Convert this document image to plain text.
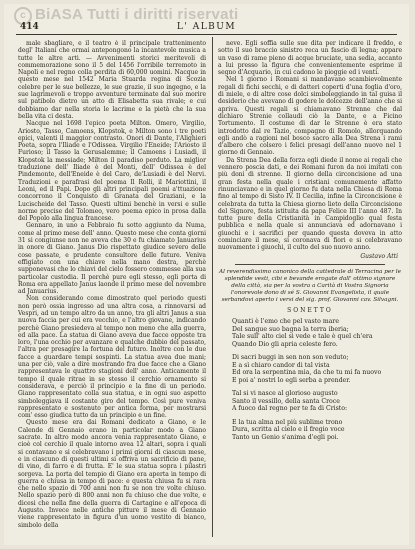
c BiASA Tutti i diritti riservati
414	L' ALBUM

male sbagliare, e il teatro è il principale trattenimento degl' Italiani che ormai antepongono la incantevole musica a tutte le altre arti. — Avvenimenti storici meritevoli di commemorazione sono il 5 del 1456 l'orribile terremoto in Napoli e nel regno colla perdita di 60,000 uomini. Nacque in questo mese nel 1542 Maria Stuarda regina di Scozia celebre per le sue bellezze, le sue grazie, il suo ingegno, e la sue lagrimevoli e troppo avventure terminate dal suo morire sul patibolo dietro un atto di Elisabetta sua rivale; e cui dobbiamo dar nella storia le lacrime e la pietà che la sua bella vita ci desta.

Nacque nel 1698 l'epico poeta Milton. Omero, Virgilio, Ariosto, Tasso, Camoens, Klopstok, e Milton sono i tre poeti epici, valenti il maggior contrasto. Onori di Dante, l'Alighieri Poeta, sopra l'Iliade e l'Odissea. Virgilio l'Eneide; l'Ariosto il Furioso; il Tasso la Gerusalemme; il Camoens i Lusiadi, il Klopstok la messiade; Milton il paradiso perduto. La miglior traduzione dell' Iliade è del Monti, dell' Odissea è del Pindemonte, dell'Eneide è del Caro, de'Lusiadi è del Nervi. Traduzioni e parafrasi del poema Il Rolli, il Mariottini, il Leoni, ed il Papi. Dopo gli altri principali poemi a'ttuazione concorrono il Conquisto di Granata del Graziani, e la Lucischeide del Tasso. Questi ultimi benchè in versi e sulle norme precise del Tolomeo, vero poema epico in prosa dalla del Popolo alla lingua francese.

Gennaro, in uno a Febbraio fu sotto aggiunto da Numa, come al primo mese dell' anno. Questo mese che conta giorni 31 si congiunse non ne aveva che 30 e fu chiamato Januarius in onore di Giano. Janus Dio rispettato giudice severo delle cose passate, e prudente consultore delle future. Veniva effigiato con una chiave nella mano destra, perchè supponevasi che lo chiavi del cielo fossero commesse alla sua particolar custodia. Il perchè pure egli stesso, egli porta di Roma era appellato Janus laonde il primo mese del novembre ad Januarius.

Non considerando come dimostrato quel periodo questi non però ossia ingresso ad una altra cosa, a rinnovarsi ad Vespri, ad un tempo altro da un anno, tra gli altri Janus a sua nuova faccia per cui era vecchio, e l'altro giovane, indicando perchè Giano presiedeva al tempo non meno che alla guerra, ed alla pace. La statua di Giano aveva due facce opposte tra loro, l'una occhio per avanzare e qualche dubbio del passato, l'altra per presagire la fortuna del futuro. Inoltre con le due facce a guardare tempi sospinti. La statua avea due mani; una per ciò, vale a dire mostrando fra due facce che a Giano rappresentava le quattro stagioni dell' anno. Anticamente il tempo il quale ritrae in se stesso il cerchio ornamento si considerava, e perciò il principio e la fine di un periodo. Giano rappresentato colla sua statua, e in ogni suo aspetto simboleggiava il costante giro del tempo. Così pure veniva rappresentato e sostenuto per antica forma, per mostrarsi com' esso giudica tutto da un principio e un fine.

Questo mese era dai Romani dedicato a Giano, e le Calende di Gennaio erano in particolar modo a Giano sacrate. In altro modo ancora venia rappresentato Giano, e cioè col cerchio il quale intorno avea 12 altari, sopra i quali si contavano e si celebravano i primi giorni di ciascun mese, e in ciascuno di questi ultimi si offriva un sacrificio di pane, di vino, di farro e di frutta. E' le sua statua sopra i pilastri sorgeva. La porta del tempio di Giano era aperta in tempo di guerra e chiusa in tempo di pace: e questa chiusa fu si rara che nello spazio di 700 anni non fu se non tre volte chiuso. Nello spazio però di 800 anni non fu chiuso che due volte, e dicesi che nella fine della guerra di Cartagine e all'epoca di Augusto. Invece nelle antiche pitture il mese di Gennaio viene rappresentato in figura d'un uomo vestito di bianco, simbolo della

neve. Egli soffia sulle sue dita per indicare il freddo, e sotto il suo braccio sinistro reca un fascio di legna; appare un vaso di rame pieno di acque bruciate, una sedia, accanto a lui presso la figura che convenientemente esprime il segno d'Acquario, in cui cadono le pioggie ed i venti.

Nel 1 giorno i Romani si mandavano scambievolmente regali di fichi secchi, e di datteri coperti d'una foglia d'oro, di miele, e di altre cose dolci simboleggiando in tal guisa il desiderio che avevano di godere le dolcezze dell'anno che si apriva. Questi regali si chiamavano Strenne che dal dichiaro Strenie collaudi ciò la Dante, e a Ficino Tortumento. Il costume di dar le Strenne è era stato introdotto dal re Tazio, compagno di Romolo, allorquando egli andò a ragioni nel bosco sacro alla Dea Strena i rami d'albero che colsero i felici presagi dell'anno nuovo nel 1 giorno di Gennaio.

Da Strena Dea della forza egli diede il nome ai regali che vennero poscia dati, e dei Romani furon da noi imitati con più doni di strenne. Il giorno della circoncisione ad una gran festa nella quale i cristiani comunemente affatto rinunciavano e in quel giorno fu data nella Chiesa di Roma fino al tempo di Sisto IV. Il Cecilia, infine la Circoncisione è celebrata da tutta la Chiesa giorno lieto della Circoncisione del Signore, festa istituita da papa Felice III l'anno 487. In tutte pure della Cristianità in Campidoglio qual festa pubblica e nella quale si annunciava ed adornavano i giuochi e i sacrifici per quando questa doveva in atto cominciare il mese, si coronava di fiori e si celebravano nuovamente i giuochi, il culto del suo nuovo anno.

Gustavo Atti
Al reverendissimo canonico della cattedrale di Terracina per le splendide vesti, cibi e bevande erogate dall' ottimo signore della città, sia per la vostra a Carità di Vostra Signoria l'onorevole dono di sé S. Giovanni Evangelista, il quale serbandovi aperto i versi del sig. prof. Giovanni cav. Silvagni.
SONETTO
Quanti è l'emo che pel vasto mare
Del sangue suo bagna la terra iberia;
Tale sull' alto ciel si vede e tale è quel ch'era
Quando Dio gli apria celeste fero.
Di sacri buggi in sen non son veduto;
E a sì chiaro candor di tal vista
Ed ora la serpentina mia, da che tu mi fa nuovo
E poi a' nostri lo egli serba a prender.
Tal si vi nasce al glorioso augusto
Santo il vessillo, della santa Croce
A fuoco dal regno per te fa di Cristo:
E la tua alma nel più sublime trono
Dura, scritta al cielo e il fregio voce
Tanto un Genio s'anima d'egli poi.
